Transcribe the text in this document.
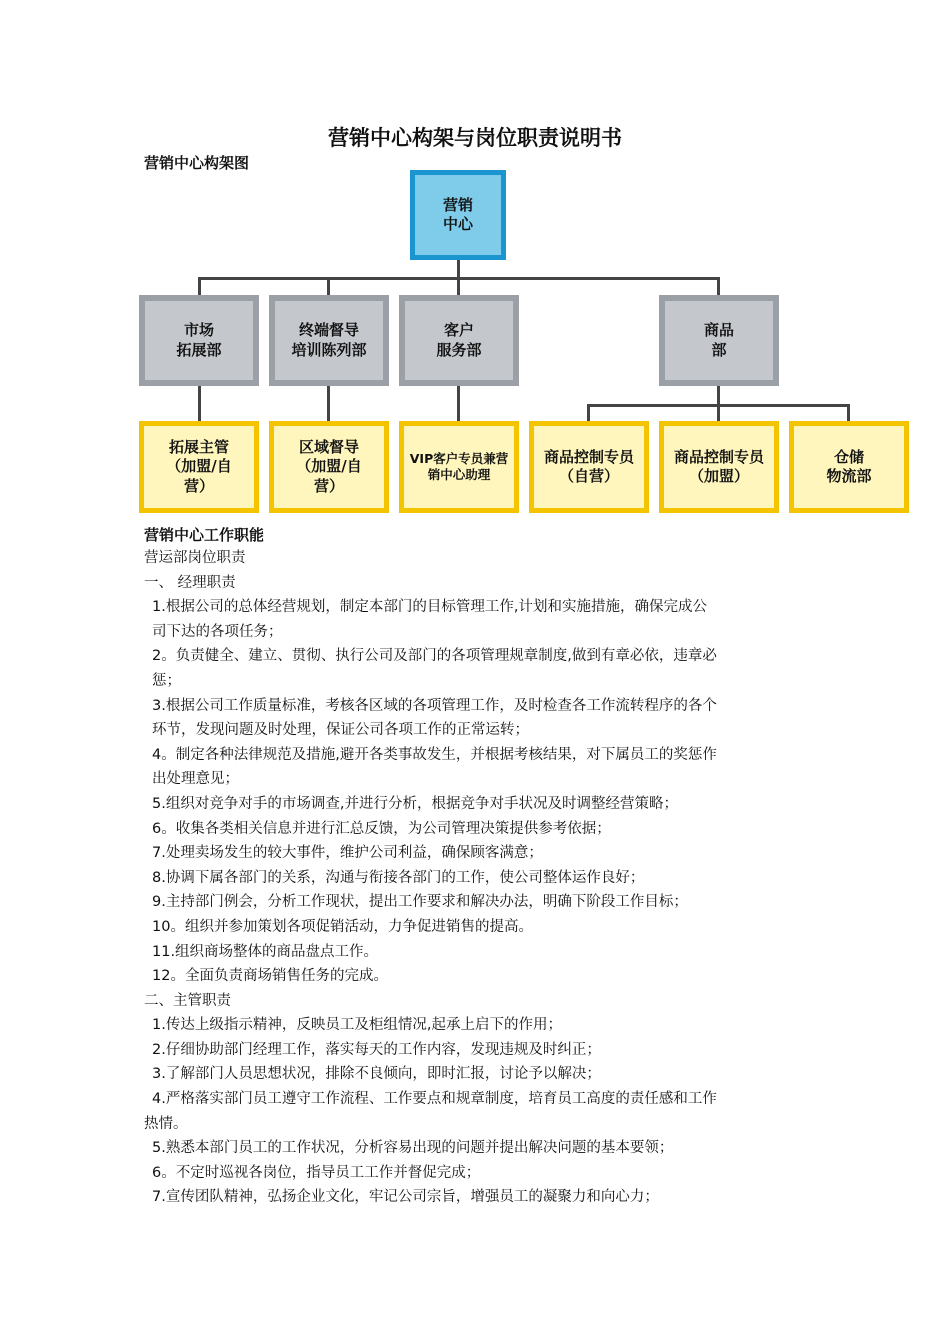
营销中心构架与岗位职责说明书
营销中心构架图
营销
中心
市场
拓展部
终端督导
培训陈列部
客户
服务部
商品
部
拓展主管
（加盟/自
营）
区域督导
（加盟/自
营）
VIP客户专员兼营
销中心助理
商品控制专员
（自营）
商品控制专员
（加盟）
仓储
物流部
营销中心工作职能

营运部岗位职责

一、 经理职责

1.根据公司的总体经营规划，制定本部门的目标管理工作,计划和实施措施，确保完成公

司下达的各项任务；

2。负责健全、建立、贯彻、执行公司及部门的各项管理规章制度,做到有章必依，违章必

惩；

3.根据公司工作质量标准，考核各区域的各项管理工作，及时检查各工作流转程序的各个

环节，发现问题及时处理，保证公司各项工作的正常运转；

4。制定各种法律规范及措施,避开各类事故发生，并根据考核结果，对下属员工的奖惩作

出处理意见；

5.组织对竞争对手的市场调查,并进行分析，根据竞争对手状况及时调整经营策略；

6。收集各类相关信息并进行汇总反馈，为公司管理决策提供参考依据；

7.处理卖场发生的较大事件，维护公司利益，确保顾客满意；

8.协调下属各部门的关系，沟通与衔接各部门的工作，使公司整体运作良好；

9.主持部门例会，分析工作现状，提出工作要求和解决办法，明确下阶段工作目标；

10。组织并参加策划各项促销活动，力争促进销售的提高。

11.组织商场整体的商品盘点工作。

12。全面负责商场销售任务的完成。

二、主管职责

1.传达上级指示精神，反映员工及柜组情况,起承上启下的作用；

2.仔细协助部门经理工作，落实每天的工作内容，发现违规及时纠正；

3.了解部门人员思想状况，排除不良倾向，即时汇报，讨论予以解决；

4.严格落实部门员工遵守工作流程、工作要点和规章制度，培育员工高度的责任感和工作

热情。

5.熟悉本部门员工的工作状况，分析容易出现的问题并提出解决问题的基本要领；

6。不定时巡视各岗位，指导员工工作并督促完成；

7.宣传团队精神，弘扬企业文化，牢记公司宗旨，增强员工的凝聚力和向心力；
